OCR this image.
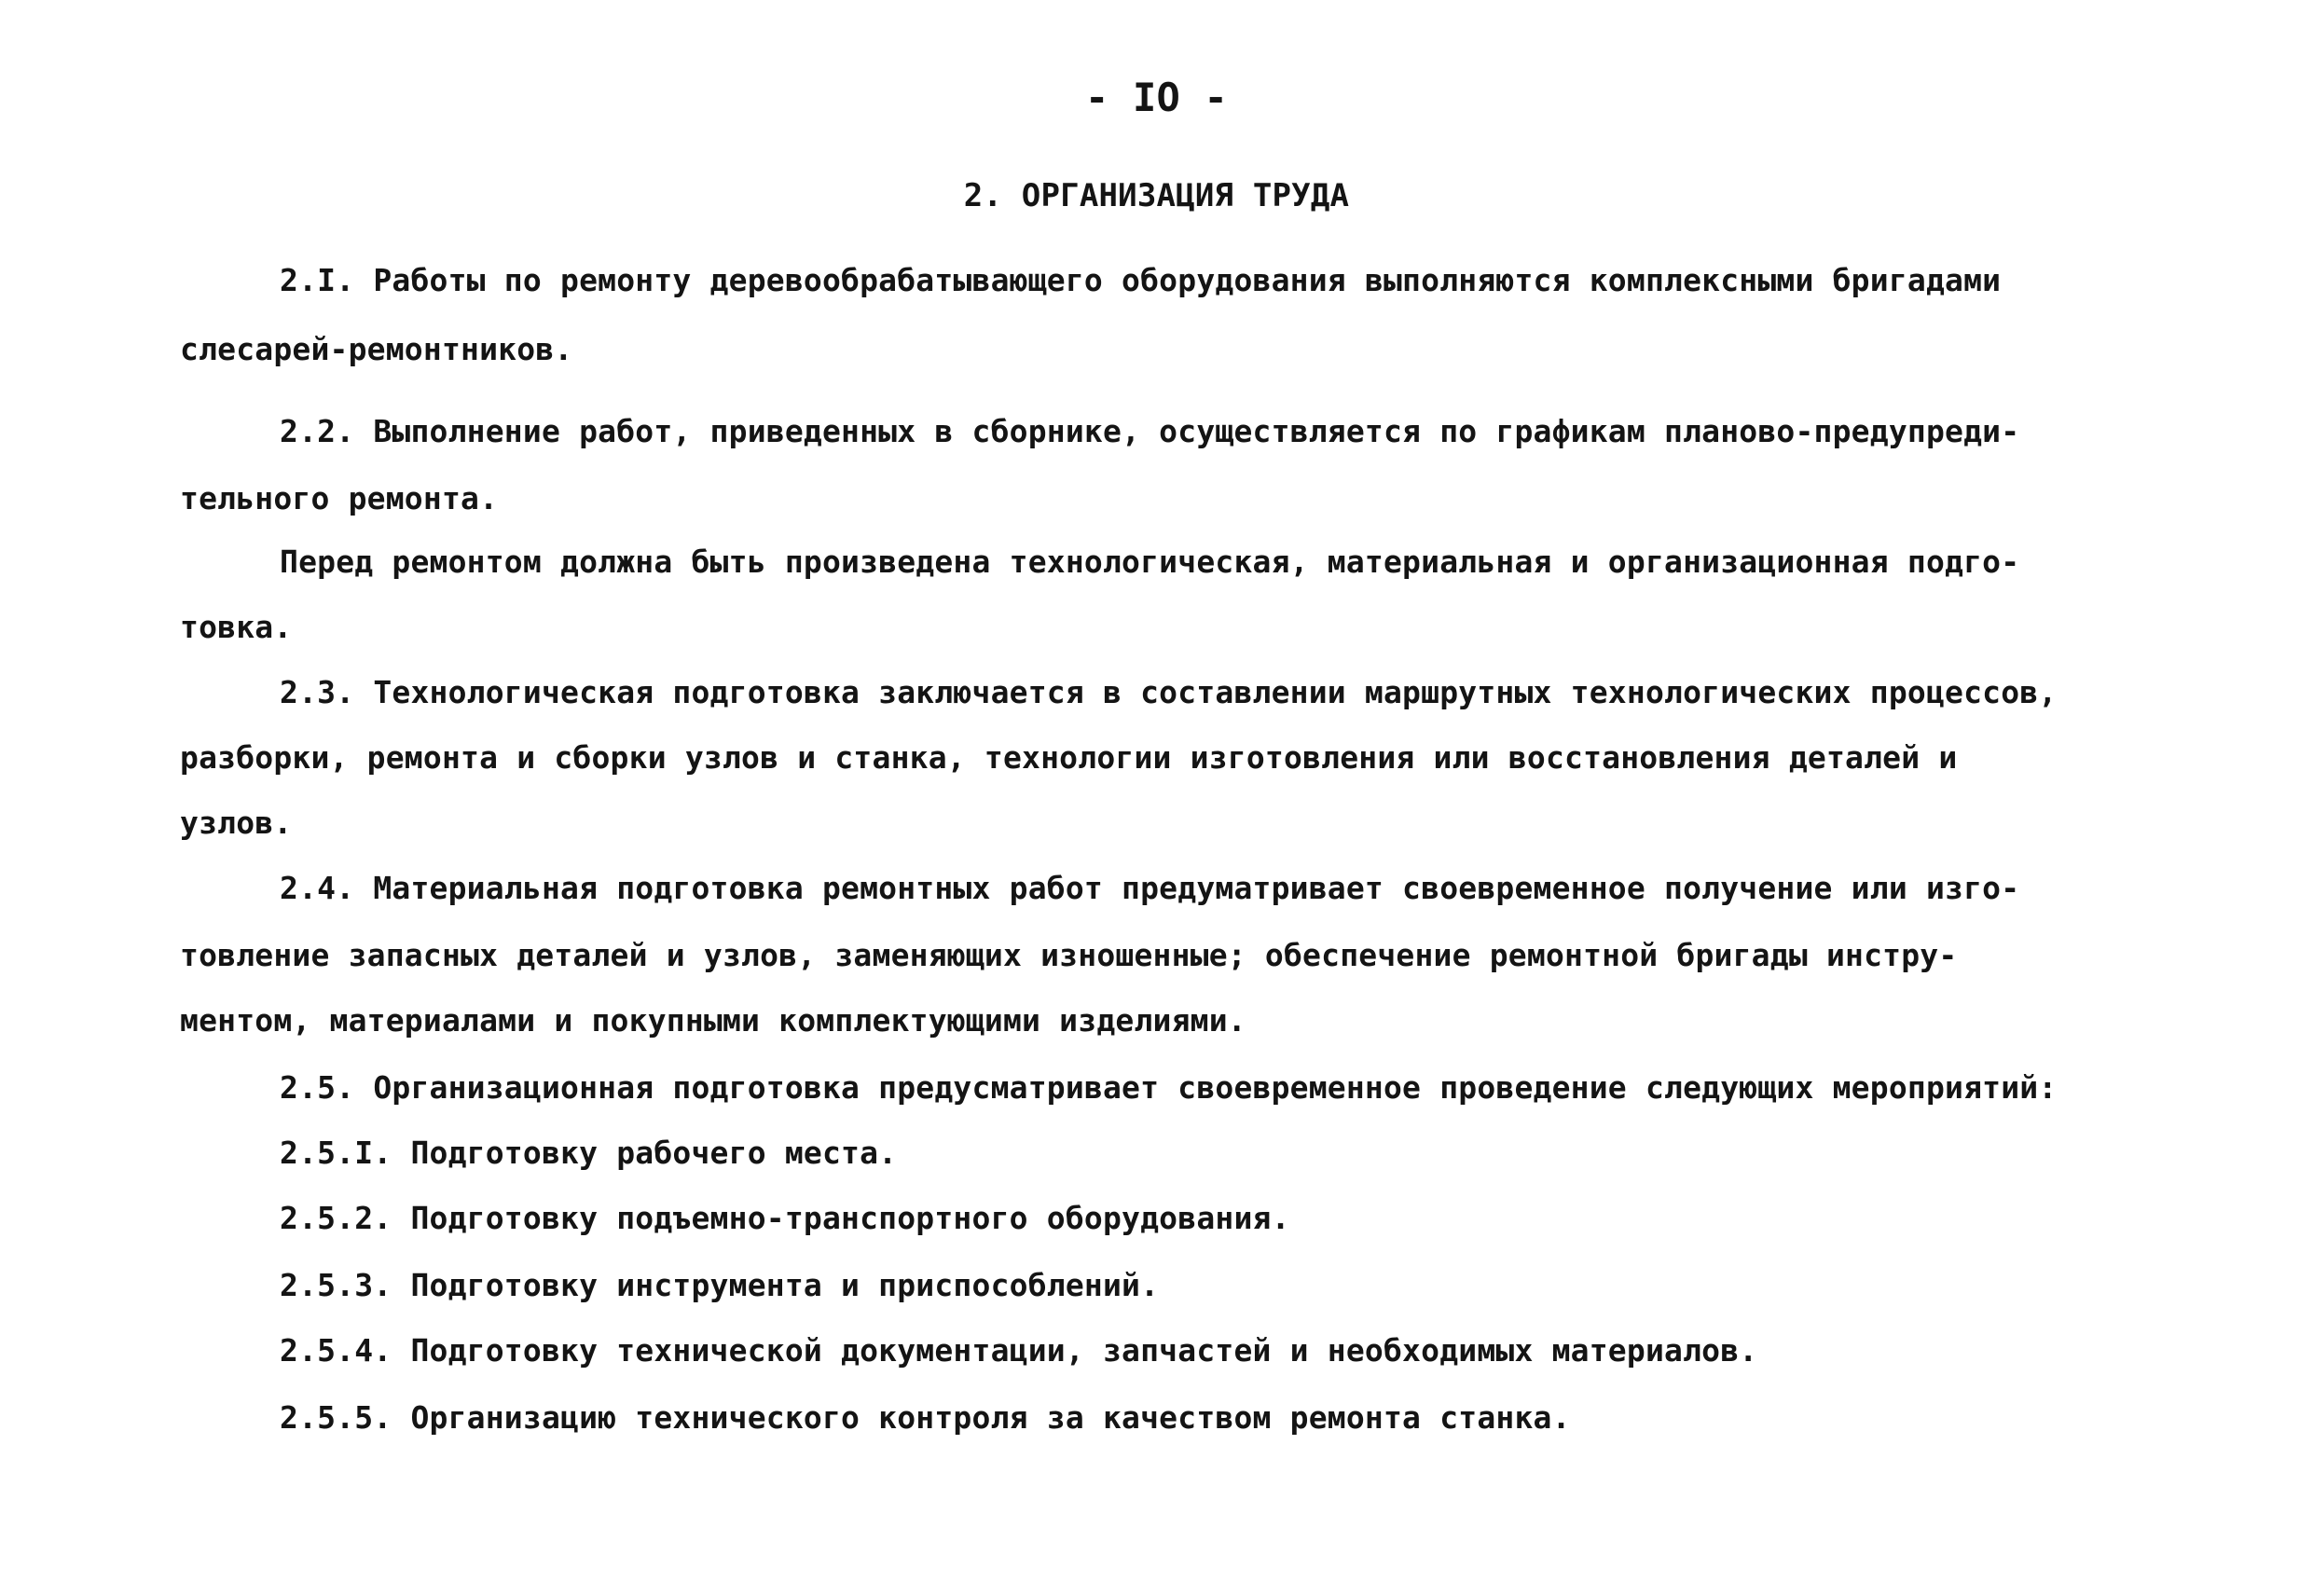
- IO -
2. ОРГАНИЗАЦИЯ ТРУДА
2.I. Работы по ремонту деревообрабатывающего оборудования выполняются комплексными бригадами
слесарей-ремонтников.
2.2. Выполнение работ, приведенных в сборнике, осуществляется по графикам планово-предупреди-
тельного ремонта.
Перед ремонтом должна быть произведена технологическая, материальная и организационная подго-
товка.
2.3. Технологическая подготовка заключается в составлении маршрутных технологических процессов,
разборки, ремонта и сборки узлов и станка, технологии изготовления или восстановления деталей и
узлов.
2.4. Материальная подготовка ремонтных работ предуматривает своевременное получение или изго-
товление запасных деталей и узлов, заменяющих изношенные; обеспечение ремонтной бригады инстру-
ментом, материалами и покупными комплектующими изделиями.
2.5. Организационная подготовка предусматривает своевременное проведение следующих мероприятий:
2.5.I. Подготовку рабочего места.
2.5.2. Подготовку подъемно-транспортного оборудования.
2.5.3. Подготовку инструмента и приспособлений.
2.5.4. Подготовку технической документации, запчастей и необходимых материалов.
2.5.5. Организацию технического контроля за качеством ремонта станка.
